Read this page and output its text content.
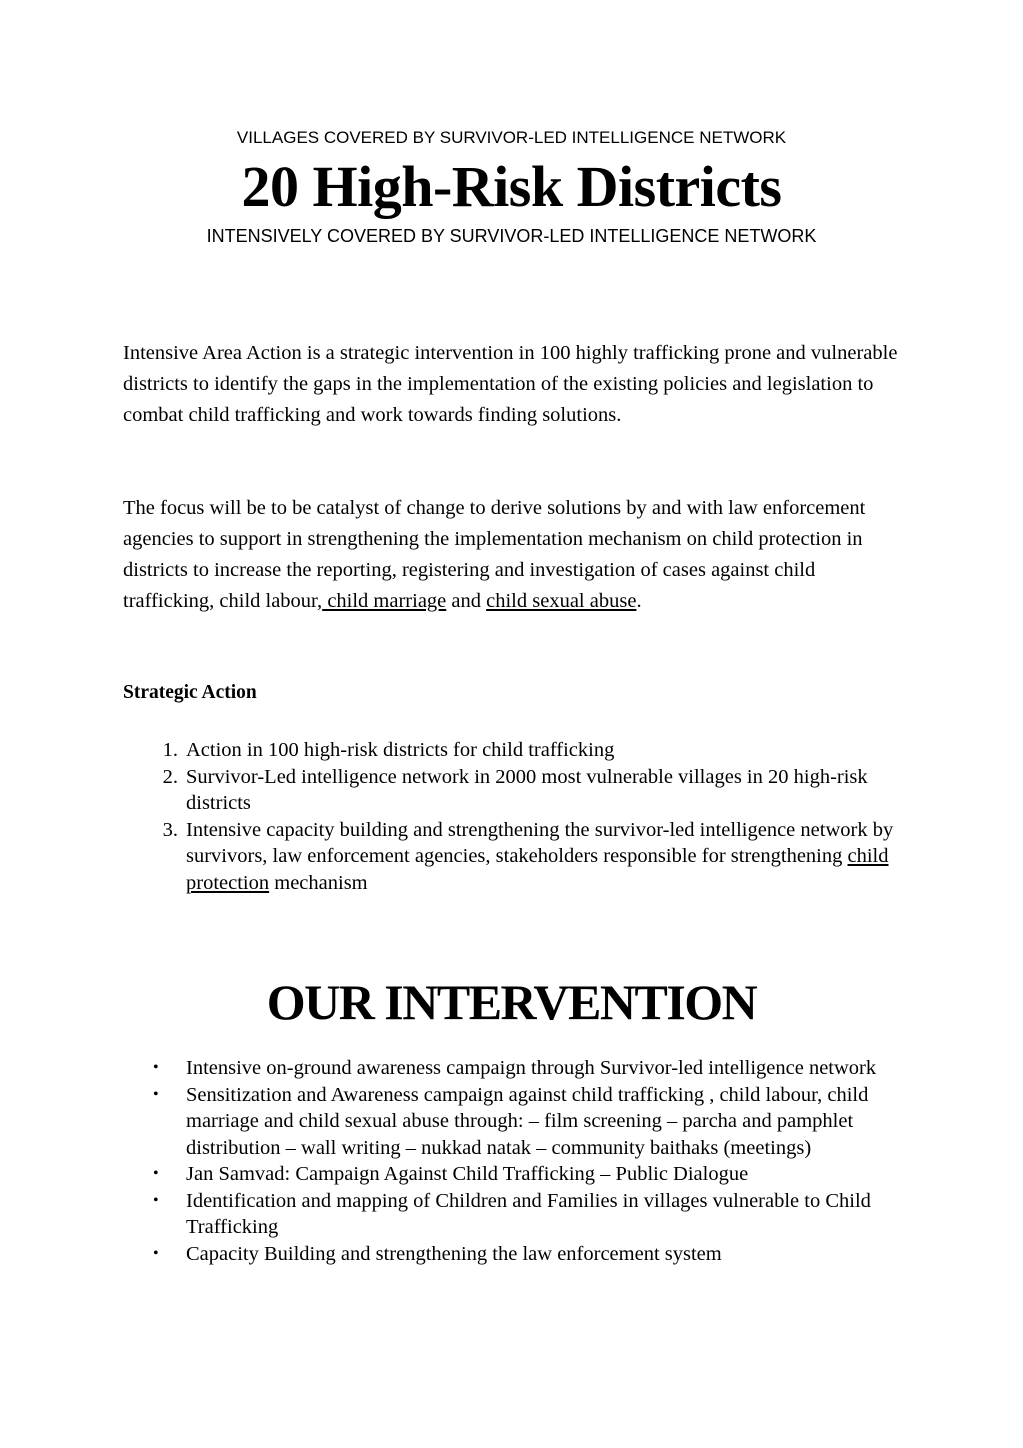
VILLAGES COVERED BY SURVIVOR-LED INTELLIGENCE NETWORK
20 High-Risk Districts
INTENSIVELY COVERED BY SURVIVOR-LED INTELLIGENCE NETWORK

Intensive Area Action is a strategic intervention in 100 highly trafficking prone and vulnerable districts to identify the gaps in the implementation of the existing policies and legislation to combat child trafficking and work towards finding solutions.

The focus will be to be catalyst of change to derive solutions by and with law enforcement agencies to support in strengthening the implementation mechanism on child protection in districts to increase the reporting, registering and investigation of cases against child trafficking, child labour, child marriage and child sexual abuse.

Strategic Action
1. Action in 100 high-risk districts for child trafficking
2. Survivor-Led intelligence network in 2000 most vulnerable villages in 20 high-risk districts
3. Intensive capacity building and strengthening the survivor-led intelligence network by survivors, law enforcement agencies, stakeholders responsible for strengthening child protection mechanism
OUR INTERVENTION
• Intensive on-ground awareness campaign through Survivor-led intelligence network
• Sensitization and Awareness campaign against child trafficking , child labour, child marriage and child sexual abuse through: – film screening – parcha and pamphlet distribution – wall writing – nukkad natak – community baithaks (meetings)
• Jan Samvad: Campaign Against Child Trafficking – Public Dialogue
• Identification and mapping of Children and Families in villages vulnerable to Child Trafficking
• Capacity Building and strengthening the law enforcement system
